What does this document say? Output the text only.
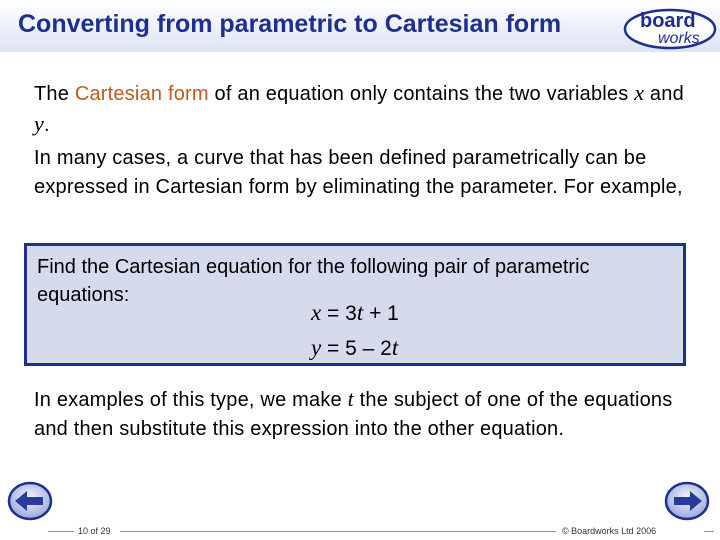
Converting from parametric to Cartesian form	board
works
The Cartesian form of an equation only contains the two variables x and y.
In many cases, a curve that has been defined parametrically can be expressed in Cartesian form by eliminating the parameter. For example,
Find the Cartesian equation for the following pair of parametric equations:
x = 3t + 1
y = 5 – 2t
In examples of this type, we make t the subject of one of the equations and then substitute this expression into the other equation.
10 of 29	© Boardworks Ltd 2006
